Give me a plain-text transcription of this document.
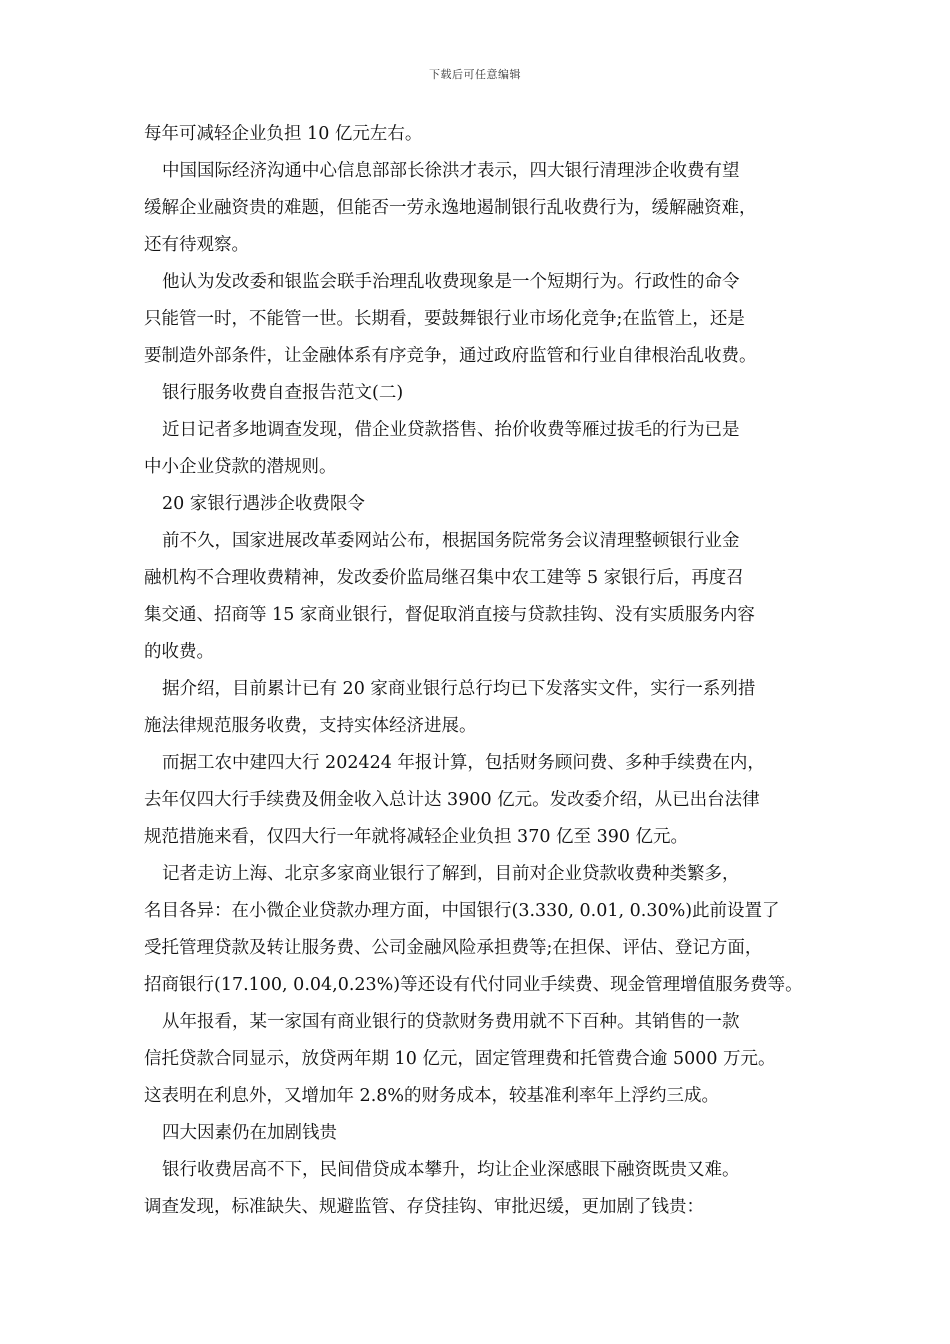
下载后可任意编辑
每年可减轻企业负担 10 亿元左右。
中国国际经济沟通中心信息部部长徐洪才表示，四大银行清理涉企收费有望
缓解企业融资贵的难题，但能否一劳永逸地遏制银行乱收费行为，缓解融资难，
还有待观察。
他认为发改委和银监会联手治理乱收费现象是一个短期行为。行政性的命令
只能管一时，不能管一世。长期看，要鼓舞银行业市场化竞争;在监管上，还是
要制造外部条件，让金融体系有序竞争，通过政府监管和行业自律根治乱收费。
银行服务收费自查报告范文(二)
近日记者多地调查发现，借企业贷款搭售、抬价收费等雁过拔毛的行为已是
中小企业贷款的潜规则。
20 家银行遇涉企收费限令
前不久，国家进展改革委网站公布，根据国务院常务会议清理整顿银行业金
融机构不合理收费精神，发改委价监局继召集中农工建等 5 家银行后，再度召
集交通、招商等 15 家商业银行，督促取消直接与贷款挂钩、没有实质服务内容
的收费。
据介绍，目前累计已有 20 家商业银行总行均已下发落实文件，实行一系列措
施法律规范服务收费，支持实体经济进展。
而据工农中建四大行 202424 年报计算，包括财务顾问费、多种手续费在内，
去年仅四大行手续费及佣金收入总计达 3900 亿元。发改委介绍，从已出台法律
规范措施来看，仅四大行一年就将减轻企业负担 370 亿至 390 亿元。
记者走访上海、北京多家商业银行了解到，目前对企业贷款收费种类繁多，
名目各异：在小微企业贷款办理方面，中国银行(3.330, 0.01, 0.30%)此前设置了
受托管理贷款及转让服务费、公司金融风险承担费等;在担保、评估、登记方面，
招商银行(17.100, 0.04,0.23%)等还设有代付同业手续费、现金管理增值服务费等。
从年报看，某一家国有商业银行的贷款财务费用就不下百种。其销售的一款
信托贷款合同显示，放贷两年期 10 亿元，固定管理费和托管费合逾 5000 万元。
这表明在利息外，又增加年 2.8%的财务成本，较基准利率年上浮约三成。
四大因素仍在加剧钱贵
银行收费居高不下，民间借贷成本攀升，均让企业深感眼下融资既贵又难。
调查发现，标准缺失、规避监管、存贷挂钩、审批迟缓，更加剧了钱贵：
